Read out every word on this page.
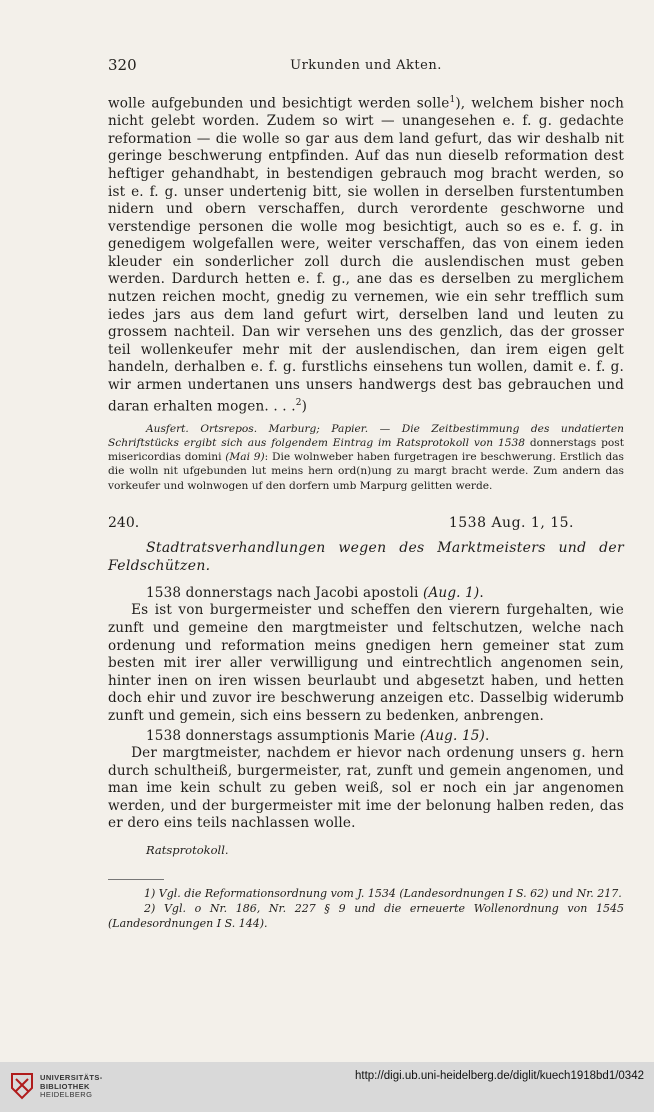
320	Urkunden und Akten.

wolle aufgebunden und besichtigt werden solle$^1$), welchem bisher noch nicht gelebt worden. Zudem so wirt — unangesehen e. f. g. gedachte reformation — die wolle so gar aus dem land gefurt, das wir deshalb nit geringe beschwerung entpfinden. Auf das nun dieselb reformation dest heftiger gehandhabt, in bestendigen gebrauch mog bracht werden, so ist e. f. g. unser undertenig bitt, sie wollen in derselben furstentumben nidern und obern verschaffen, durch verordente geschworne und verstendige personen die wolle mog besichtigt, auch so es e. f. g. in genedigem wolgefallen were, weiter verschaffen, das von einem ieden kleuder ein sonderlicher zoll durch die auslendischen must geben werden. Dardurch hetten e. f. g., ane das es derselben zu merglichem nutzen reichen mocht, gnedig zu vernemen, wie ein sehr trefflich sum iedes jars aus dem land gefurt wirt, derselben land und leuten zu grossem nachteil. Dan wir versehen uns des genzlich, das der grosser teil wollenkeufer mehr mit der auslendischen, dan irem eigen gelt handeln, derhalben e. f. g. furstlichs einsehens tun wollen, damit e. f. g. wir armen undertanen uns unsers handwergs dest bas gebrauchen und daran erhalten mogen. . . .$^2$)

Ausfert. Ortsrepos. Marburg; Papier. — Die Zeitbestimmung des undatierten Schriftstücks ergibt sich aus folgendem Eintrag im Ratsprotokoll von 1538 donnerstags post misericordias domini (Mai 9): Die wolnweber haben furgetragen ire beschwerung. Erstlich das die wolln nit ufgebunden lut meins hern ord(n)ung zu margt bracht werde. Zum andern das vorkeufer und wolnwogen uf den dorfern umb Marpurg gelitten werde.

240.	1538 Aug. 1, 15.

Stadtratsverhandlungen wegen des Marktmeisters und der Feldschützen.

1538 donnerstags nach Jacobi apostoli (Aug. 1).

Es ist von burgermeister und scheffen den vierern furgehalten, wie zunft und gemeine den margtmeister und feltschutzen, welche nach ordenung und reformation meins gnedigen hern gemeiner stat zum besten mit irer aller verwilligung und eintrechtlich angenomen sein, hinter inen on iren wissen beurlaubt und abgesetzt haben, und hetten doch ehir und zuvor ire beschwerung anzeigen etc. Dasselbig widerumb zunft und gemein, sich eins bessern zu bedenken, anbrengen.

1538 donnerstags assumptionis Marie (Aug. 15).

Der margtmeister, nachdem er hievor nach ordenung unsers g. hern durch schultheiß, burgermeister, rat, zunft und gemein angenomen, und man ime kein schult zu geben weiß, sol er noch ein jar angenomen werden, und der burgermeister mit ime der belonung halben reden, das er dero eins teils nachlassen wolle.

Ratsprotokoll.

1) Vgl. die Reformationsordnung vom J. 1534 (Landesordnungen I S. 62) und Nr. 217.

2) Vgl. o Nr. 186, Nr. 227 § 9 und die erneuerte Wollenordnung von 1545 (Landesordnungen I S. 144).

UNIVERSITÄTS-
BIBLIOTHEK
HEIDELBERG
http://digi.ub.uni-heidelberg.de/diglit/kuech1918bd1/0342
